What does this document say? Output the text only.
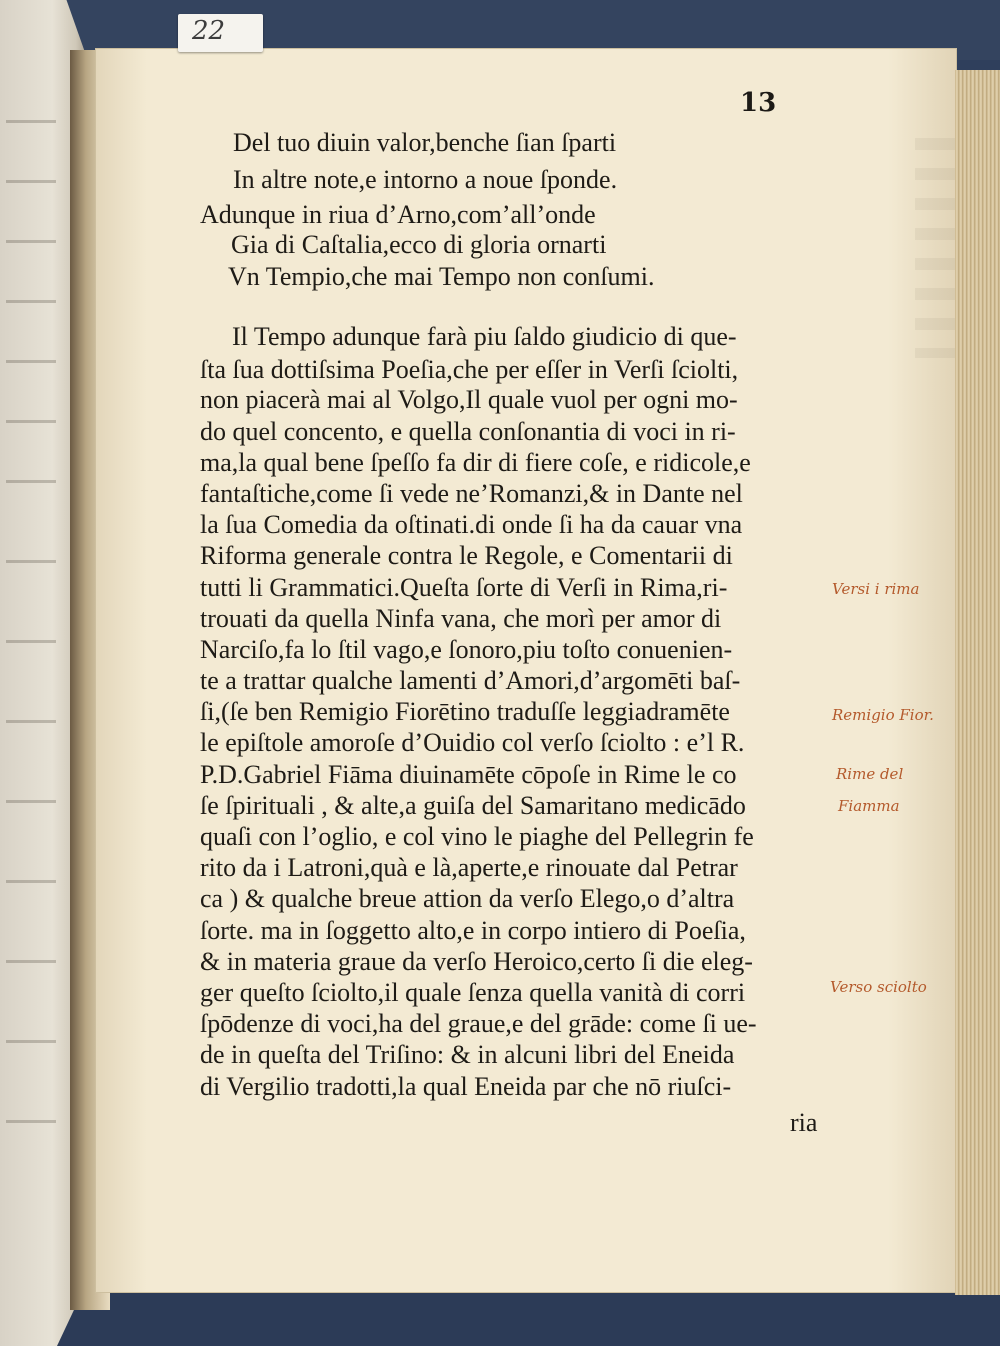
22
13
Del tuo diuin valor,benche ſian ſparti
In altre note,e intorno a noue ſponde.
Adunque in riua d’Arno,com’all’onde
Gia di Caſtalia,ecco di gloria ornarti
Vn Tempio,che mai Tempo non conſumi.
Il Tempo adunque farà piu ſaldo giudicio di que-
ſta ſua dottiſsima Poeſia,che per eſſer in Verſi ſciolti,
non piacerà mai al Volgo,Il quale vuol per ogni mo-
do quel concento, e quella conſonantia di voci in ri-
ma,la qual bene ſpeſſo fa dir di fiere coſe, e ridicole,e
fantaſtiche,come ſi vede ne’Romanzi,& in Dante nel
la ſua Comedia da oſtinati.di onde ſi ha da cauar vna
Riforma generale contra le Regole, e Comentarii di
tutti li Grammatici.Queſta ſorte di Verſi in Rima,ri-
trouati da quella Ninfa vana, che morì per amor di
Narciſo,fa lo ſtil vago,e ſonoro,piu toſto conuenien-
te a trattar qualche lamenti d’Amori,d’argomēti baſ-
ſi,(ſe ben Remigio Fiorētino traduſſe leggiadramēte
le epiſtole amoroſe d’Ouidio col verſo ſciolto : e’l R.
P.D.Gabriel Fiāma diuinamēte cōpoſe in Rime le co
ſe ſpirituali , & alte,a guiſa del Samaritano medicādo
quaſi con l’oglio, e col vino le piaghe del Pellegrin fe
rito da i Latroni,quà e là,aperte,e rinouate dal Petrar
ca ) & qualche breue attion da verſo Elego,o d’altra
ſorte. ma in ſoggetto alto,e in corpo intiero di Poeſia,
& in materia graue da verſo Heroico,certo ſi die eleg-
ger queſto ſciolto,il quale ſenza quella vanità di corri
ſpōdenze di voci,ha del graue,e del grāde: come ſi ue-
de in queſta del Triſino: & in alcuni libri del Eneida
di Vergilio tradotti,la qual Eneida par che nō riuſci-
ria
Versi i rima
Remigio Fior.
Rime del
Fiamma
Verso sciolto
